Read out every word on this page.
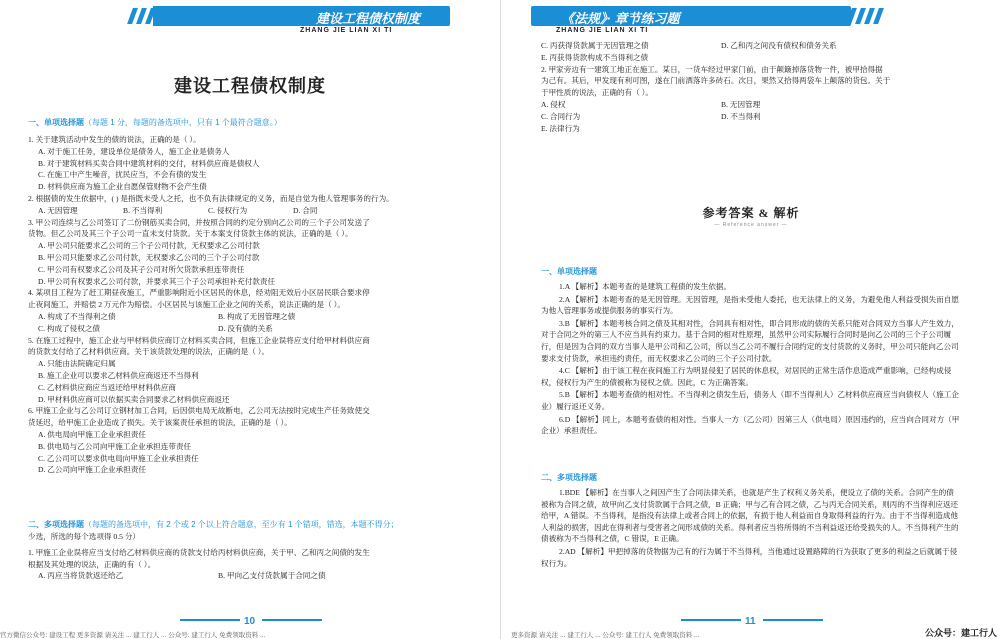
建设工程债权制度
ZHANG JIE LIAN XI TI
建设工程债权制度
一、单项选择题（每题 1 分，每题的备选项中，只有 1 个最符合题意。）

1. 关于建筑活动中发生的债的说法，正确的是（ ）。

A. 对于施工任务，建设单位是债务人，施工企业是债务人

B. 对于建筑材料买卖合同中建筑材料的交付，材料供应商是债权人

C. 在施工中产生噪音，扰民应当，不会有债的发生

D. 材料供应商为施工企业自愿保管财物不会产生债

2. 根据债的发生依据中，( ) 是指既未受人之托，也不负有法律规定的义务，而是自觉为他人管理事务的行为。

A. 无因管理	B. 不当得利	C. 侵权行为	D. 合同

3. 甲公司连续与乙公司签订了二份钢筋买卖合同，并按照合同的约定分别向乙公司的三个子公司发送了

货物。但乙公司及其三个子公司一直未支付货款。关于本案支付货款主体的说法，正确的是（ ）。

A. 甲公司只能要求乙公司的三个子公司付款，无权要求乙公司付款

B. 甲公司只能要求乙公司付款，无权要求乙公司的三个子公司付款

C. 甲公司有权要求乙公司及其子公司对所欠货款承担连带责任

D. 甲公司有权要求乙公司付款，并要求其三个子公司承担补充付款责任

4. 某项目工程为了赶工期昼夜施工，严重影响附近小区居民的休息，经劝阻无效后小区居民联合要求停

止夜间施工，并赔偿 2 万元作为赔偿。小区居民与该施工企业之间的关系，说法正确的是（ ）。

A. 构成了不当得利之债	B. 构成了无因管理之债

C. 构成了侵权之债	D. 没有债的关系

5. 在施工过程中，施工企业与甲材料供应商订立材料买卖合同，但施工企业误将应支付给甲材料供应商

的货款支付给了乙材料供应商。关于该货款处理的说法，正确的是（ ）。

A. 只能由法院确定归属

B. 施工企业可以要求乙材料供应商返还不当得利

C. 乙材料供应商应当返还给甲材料供应商

D. 甲材料供应商可以依据买卖合同要求乙材料供应商返还

6. 甲施工企业与乙公司订立钢材加工合同，后因供电局无故断电，乙公司无法按时完成生产任务致使交

货延迟，给甲施工企业造成了损失。关于该案责任承担的说法，正确的是（ ）。

A. 供电局向甲施工企业承担责任

B. 供电局与乙公司向甲施工企业承担连带责任

C. 乙公司可以要求供电局向甲施工企业承担责任

D. 乙公司向甲施工企业承担责任

二、多项选择题（每题的备选项中，有 2 个或 2 个以上符合题意，至少有 1 个错项，错选，本题不得分；

少选，所选的每个选项得 0.5 分）

1. 甲施工企业误将应当支付给乙材料供应商的货款支付给丙材料供应商，关于甲、乙和丙之间债的发生

根据及其处理的说法，正确的有（ ）。

A. 丙应当将货款返还给乙	B. 甲向乙支付货款属于合同之债

10
官方微信公众号: 建设工程 更多资源 请关注 ... 建工行人 ... 公众号: 建工行人 免费领取资料 ...
《法规》· 章节练习题
ZHANG JIE LIAN XI TI

C. 丙获得货款属于无因管理之债	D. 乙和丙之间没有债权和债务关系

E. 丙获得货款构成不当得利之债

2. 甲家旁边有一建筑工地正在施工。某日，一货车经过甲家门前，由于颠簸掉落货物一件，被甲拾得据

为己有。其后，甲发现有利可图，遂在门前洒落许多砖石。次日，果然又拾得两袋车上颠落的货包。关于

于甲性质的说法，正确的有（ ）。

A. 侵权	B. 无因管理

C. 合同行为	D. 不当得利

E. 法律行为

参考答案 & 解析
— Reference answer —
一、单项选择题

1.A 【解析】本题考查的是建筑工程债的发生依据。

2.A 【解析】本题考查的是无因管理。无因管理，是指未受他人委托，也无法律上的义务，为避免他人利益受损失而自愿为他人管理事务或提供服务的事实行为。

3.B 【解析】本题考核合同之债及其相对性，合同具有相对性，即合同形成的债的关系只能对合同双方当事人产生效力，对于合同之外的第三人不应当具有约束力。基于合同的相对性原理，虽然甲公司实际履行合同时是向乙公司的三个子公司履行，但是因为合同的双方当事人是甲公司和乙公司，所以当乙公司不履行合同约定的支付货款的义务时，甲公司只能向乙公司要求支付货款，承担违约责任，而无权要求乙公司的三个子公司付款。

4.C 【解析】由于该工程在夜间施工行为明显侵犯了居民的休息权，对居民的正常生活作息造成严重影响，已经构成侵权，侵权行为产生的债被称为侵权之债。因此，C 为正确答案。

5.B 【解析】本题考查债的相对性。不当得利之债发生后，债务人（即不当得利人）乙材料供应商应当向债权人（施工企业）履行返还义务。

6.D 【解析】同上，本题考查债的相对性。当事人一方（乙公司）因第三人（供电局）原因违约的，应当向合同对方（甲企业）承担责任。

二、多项选择题

1.BDE 【解析】在当事人之间因产生了合同法律关系，也就是产生了权利义务关系，便设立了债的关系。合同产生的债被称为合同之债，故甲向乙支付货款属于合同之债，B 正确；甲与乙有合同之债，乙与丙无合同关系，则丙的不当得利应返还给甲，A 错误。不当得利，是指没有法律上或者合同上的依据，有损于他人利益而自身取得利益的行为。由于不当得利造成他人利益的损害，因此在得利者与受害者之间形成债的关系。得利者应当将所得的不当利益返还给受损失的人。不当得利产生的债被称为不当得利之债，C 错误，E 正确。

2.AD 【解析】甲把掉落的货物据为己有的行为属于不当得利，当他通过设置路障的行为获取了更多的利益之后就属于侵权行为。

11
更多资源 请关注 ... 建工行人 ... 公众号: 建工行人 免费领取资料 ...	公众号：建工行人
